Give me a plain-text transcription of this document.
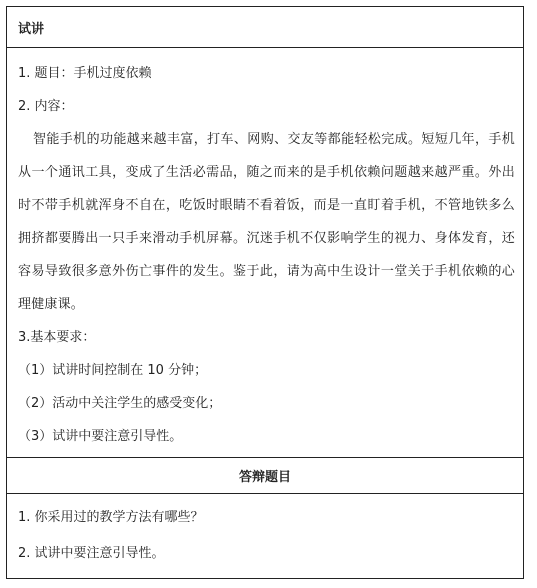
试讲
1. 题目：手机过度依赖
2. 内容：
智能手机的功能越来越丰富，打车、网购、交友等都能轻松完成。短短几年，手机从一个通讯工具，变成了生活必需品，随之而来的是手机依赖问题越来越严重。外出时不带手机就浑身不自在，吃饭时眼睛不看着饭，而是一直盯着手机，不管地铁多么拥挤都要腾出一只手来滑动手机屏幕。沉迷手机不仅影响学生的视力、身体发育，还容易导致很多意外伤亡事件的发生。鉴于此，请为高中生设计一堂关于手机依赖的心理健康课。
3.基本要求：
（1）试讲时间控制在 10 分钟；
（2）活动中关注学生的感受变化；
（3）试讲中要注意引导性。
答辩题目
1. 你采用过的教学方法有哪些？
2. 试讲中要注意引导性。
